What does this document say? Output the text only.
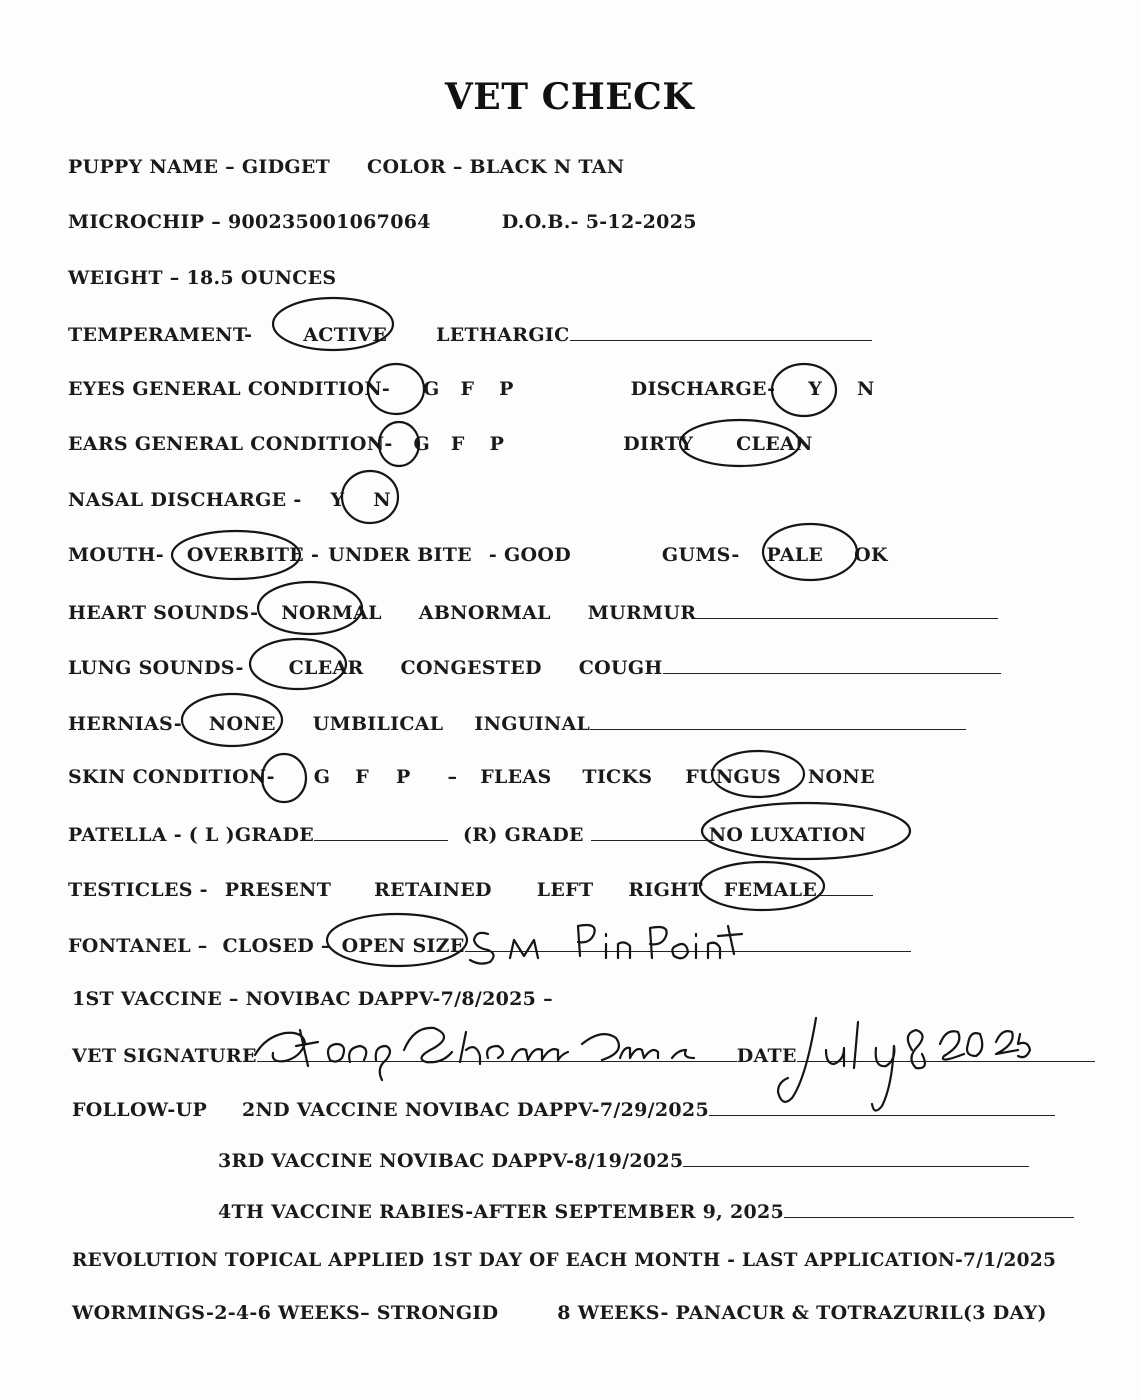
VET CHECK
PUPPY NAME – GIDGET COLOR – BLACK N TAN
MICROCHIP – 900235001067064	D.O.B.- 5-12-2025
WEIGHT – 18.5 OUNCES
TEMPERAMENT-	ACTIVE	LETHARGIC
EYES GENERAL CONDITION- G F P	DISCHARGE- Y N
EARS GENERAL CONDITION- G F P	DIRTY CLEAN
NASAL DISCHARGE - Y N
MOUTH- OVERBITE - UNDER BITE - GOOD	GUMS- PALE OK
HEART SOUNDS- NORMAL ABNORMAL MURMUR
LUNG SOUNDS- CLEAR CONGESTED COUGH
HERNIAS- NONE UMBILICAL INGUINAL
SKIN CONDITION- G F P – FLEAS TICKS FUNGUS NONE
PATELLA - ( L )GRADE	(R) GRADE	NO LUXATION
TESTICLES - PRESENT RETAINED LEFT RIGHT FEMALE
FONTANEL – CLOSED – OPEN SIZE
1ST VACCINE – NOVIBAC DAPPV-7/8/2025 –
VET SIGNATURE	DATE
FOLLOW-UP 2ND VACCINE NOVIBAC DAPPV-7/29/2025
3RD VACCINE NOVIBAC DAPPV-8/19/2025
4TH VACCINE RABIES-AFTER SEPTEMBER 9, 2025
REVOLUTION TOPICAL APPLIED 1ST DAY OF EACH MONTH - LAST APPLICATION-7/1/2025
WORMINGS-2-4-6 WEEKS– STRONGID	8 WEEKS- PANACUR & TOTRAZURIL(3 DAY)
